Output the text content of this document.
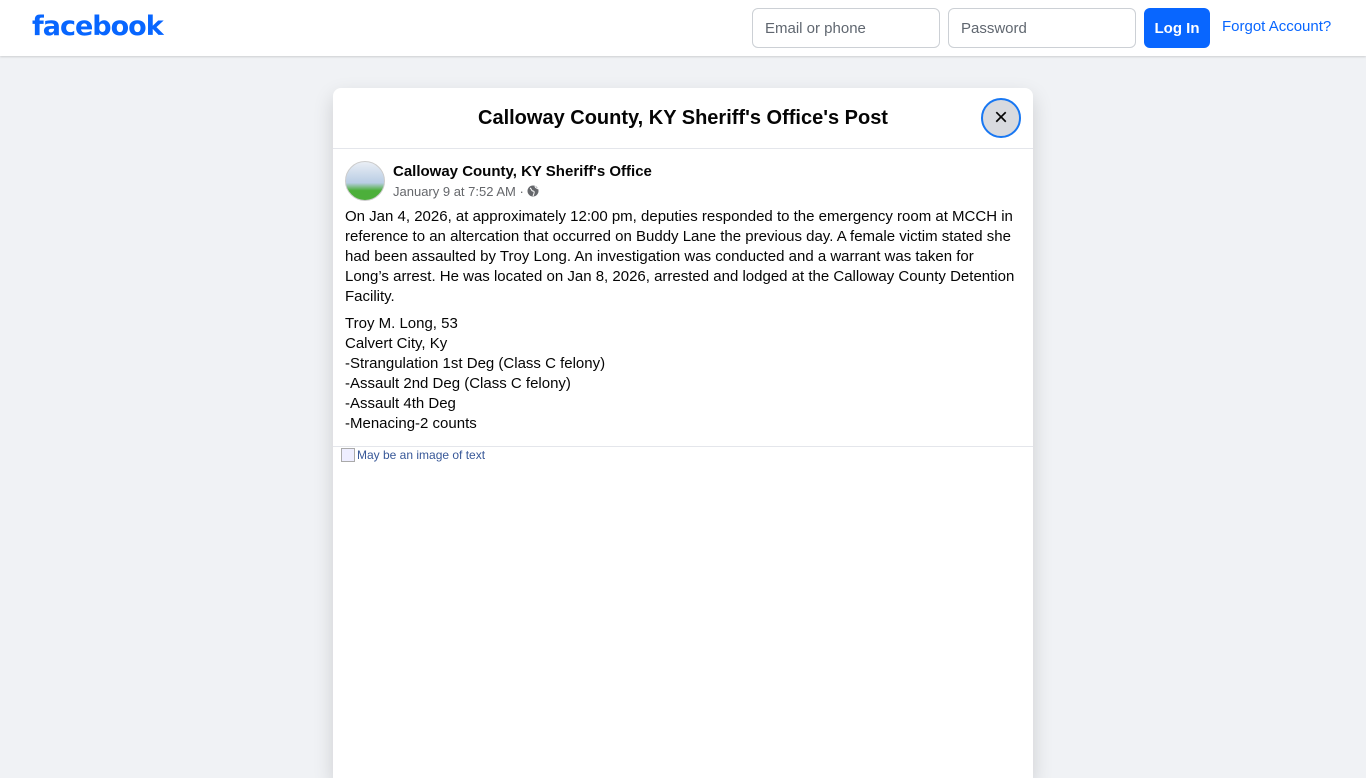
facebook
Email or phone	Log In	Forgot Account?
Calloway County, KY Sheriff's Office's Post	×
Calloway County, KY Sheriff's Office
January 9 at 7:52 AM ·

On Jan 4, 2026, at approximately 12:00 pm, deputies responded to the emergency room at MCCH in reference to an altercation that occurred on Buddy Lane the previous day. A female victim stated she had been assaulted by Troy Long. An investigation was conducted and a warrant was taken for Long’s arrest. He was located on Jan 8, 2026, arrested and lodged at the Calloway County Detention Facility.

Troy M. Long, 53
Calvert City, Ky
-Strangulation 1st Deg (Class C felony)
-Assault 2nd Deg (Class C felony)
-Assault 4th Deg
-Menacing-2 counts
May be an image of text
